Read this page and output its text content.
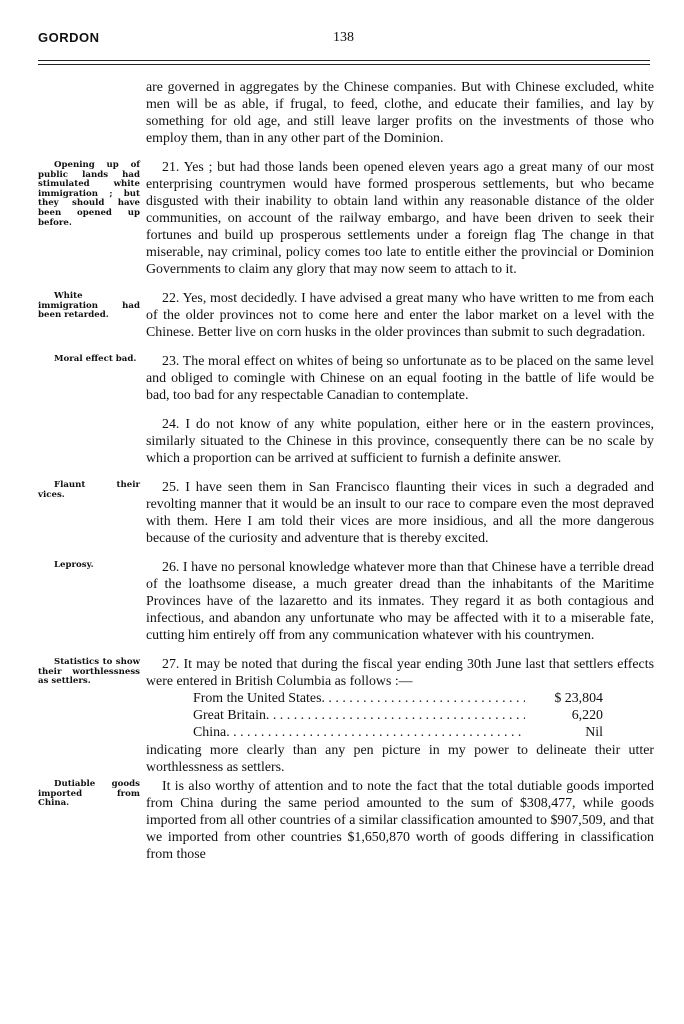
GORDON	138

are governed in aggregates by the Chinese companies. But with Chinese excluded, white men will be as able, if frugal, to feed, clothe, and educate their families, and lay by something for old age, and still leave larger profits on the investments of those who employ them, than in any other part of the Dominion.

Opening up of public lands had stimulated white immigration ; but they should have been opened up before.
21. Yes ; but had those lands been opened eleven years ago a great many of our most enterprising countrymen would have formed prosperous settlements, but who became disgusted with their inability to obtain land within any reasonable distance of the older communities, on account of the railway embargo, and have been driven to seek their fortunes and build up prosperous settlements under a foreign flag The change in that miserable, nay criminal, policy comes too late to entitle either the provincial or Dominion Governments to claim any glory that may now seem to attach to it.

White immigration had been retarded.
22. Yes, most decidedly. I have advised a great many who have written to me from each of the older provinces not to come here and enter the labor market on a level with the Chinese. Better live on corn husks in the older provinces than submit to such degradation.

Moral effect bad. 23. The moral effect on whites of being so unfortunate as to be placed on the same level and obliged to comingle with Chinese on an equal footing in the battle of life would be bad, too bad for any respectable Canadian to contemplate.

24. I do not know of any white population, either here or in the eastern provinces, similarly situated to the Chinese in this province, consequently there can be no scale by which a proportion can be arrived at sufficient to furnish a definite answer.

Flaunt their vices.	25. I have seen them in San Francisco flaunting their vices in such a degraded and revolting manner that it would be an insult to our race to compare even the most depraved with them. Here I am told their vices are more insidious, and all the more dangerous because of the curiosity and adventure that is thereby excited.

Leprosy.	26. I have no personal knowledge whatever more than that Chinese have a terrible dread of the loathsome disease, a much greater dread than the inhabitants of the Maritime Provinces have of the lazaretto and its inmates. They regard it as both contagious and infectious, and abandon any unfortunate who may be affected with it to a miserable fate, cutting him entirely off from any communication whatever with his countrymen.

Statistics to show their worthlessness as settlers.
27. It may be noted that during the fiscal year ending 30th June last that settlers effects were entered in British Columbia as follows :—

From the United States . . .	$ 23,804
Great Britain . . .	6,220
China . . .	Nil

indicating more clearly than any pen picture in my power to delineate their utter worthlessness as settlers.

Dutiable goods imported from China.
It is also worthy of attention and to note the fact that the total dutiable goods imported from China during the same period amounted to the sum of $308,477, while goods imported from all other countries of a similar classification amounted to $907,509, and that we imported from other countries $1,650,870 worth of goods differing in classification from those
